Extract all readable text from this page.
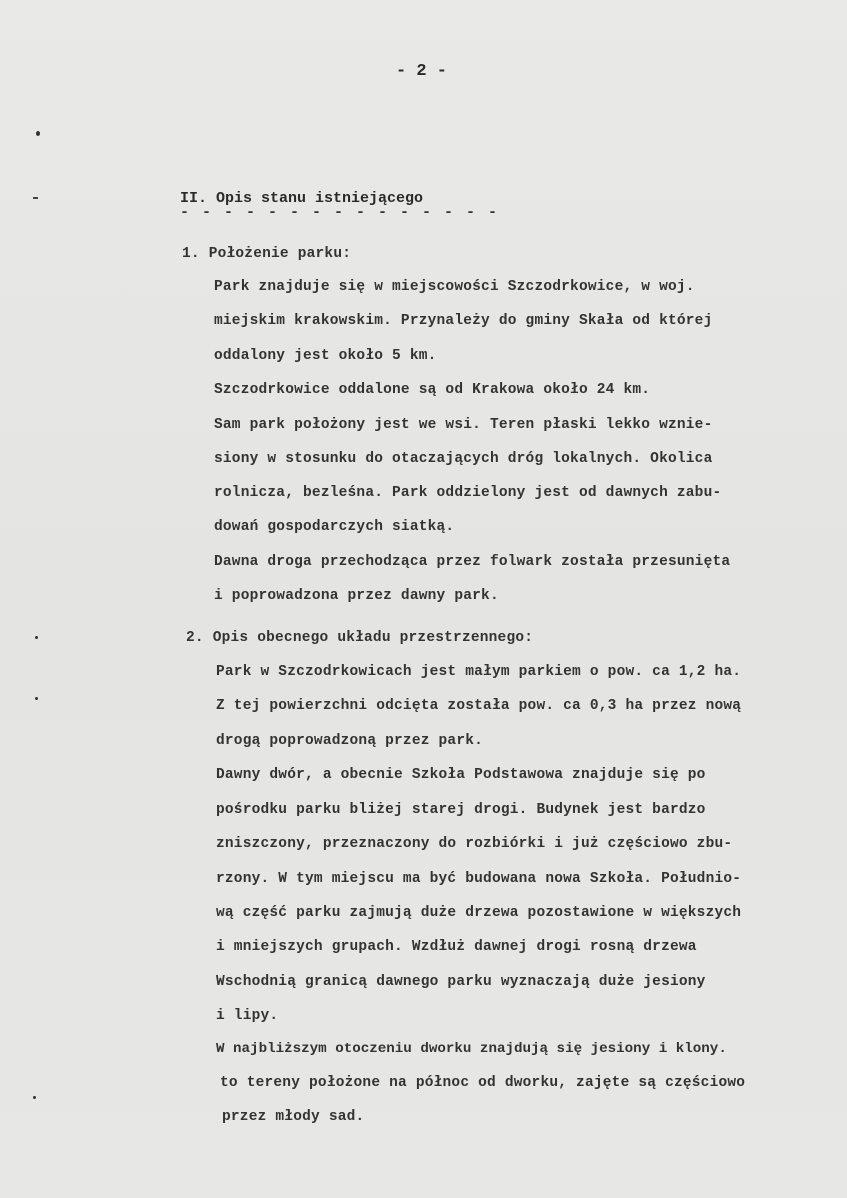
- 2 -
II. Opis stanu istniejącego
- - - - - - - - - - - - - - -
1. Położenie parku:
Park znajduje się w miejscowości Szczodrkowice, w woj.
miejskim krakowskim. Przynależy do gminy Skała od której
oddalony jest około 5 km.
Szczodrkowice oddalone są od Krakowa około 24 km.
Sam park położony jest we wsi. Teren płaski lekko wznie-
siony w stosunku do otaczających dróg lokalnych. Okolica
rolnicza, bezleśna. Park oddzielony jest od dawnych zabu-
dowań gospodarczych siatką.
Dawna droga przechodząca przez folwark została przesunięta
i poprowadzona przez dawny park.
2. Opis obecnego układu przestrzennego:
Park w Szczodrkowicach jest małym parkiem o pow. ca 1,2 ha.
Z tej powierzchni odcięta została pow. ca 0,3 ha przez nową
drogą poprowadzoną przez park.
Dawny dwór, a obecnie Szkoła Podstawowa znajduje się po
pośrodku parku bliżej starej drogi. Budynek jest bardzo
zniszczony, przeznaczony do rozbiórki i już częściowo zbu-
rzony. W tym miejscu ma być budowana nowa Szkoła. Południo-
wą część parku zajmują duże drzewa pozostawione w większych
i mniejszych grupach. Wzdłuż dawnej drogi rosną drzewa
Wschodnią granicą dawnego parku wyznaczają duże jesiony
i lipy.
W najbliższym otoczeniu dworku znajdują się jesiony i klony.
to tereny położone na północ od dworku, zajęte są częściowo
przez młody sad.
